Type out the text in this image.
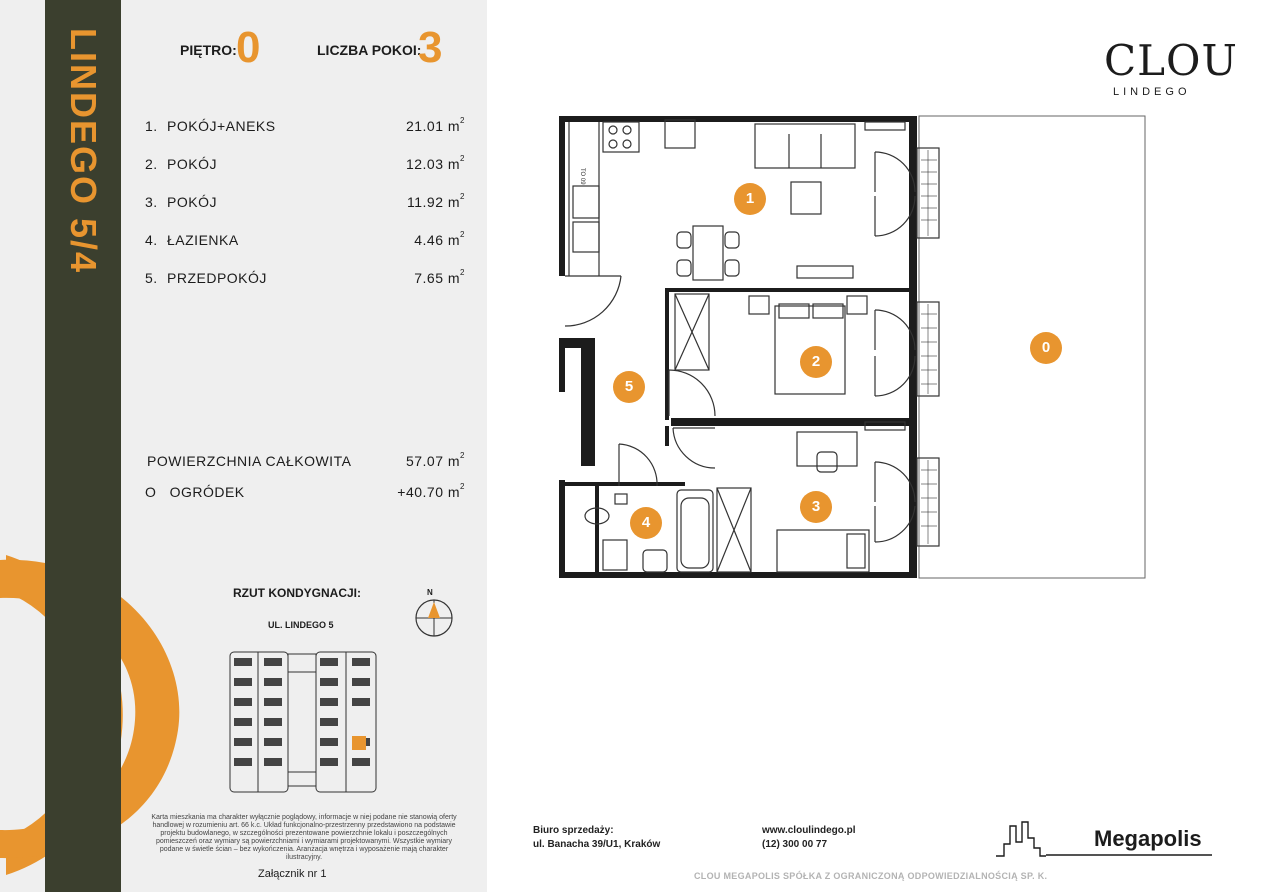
LINDEGO 5/4	PIĘTRO: 0	LICZBA POKOI:
3
1. POKÓJ+ANEKS	21.01 $m^2$
2. POKÓJ	12.03 $m^2$
3. POKÓJ	11.92 $m^2$
4. ŁAZIENKA	4.46 $m^2$
5. PRZEDPOKÓJ	7.65 $m^2$
POWIERZCHNIA CAŁKOWITA	57.07 $m^2$
O OGRÓDEK	+40.70 $m^2$
RZUT KONDYGNACJI:
UL. LINDEGO 5
N
Karta mieszkania ma charakter wyłącznie poglądowy, informacje w niej podane nie stanowią oferty handlowej w rozumieniu art. 66 k.c. Układ funkcjonalno-przestrzenny przedstawiono na podstawie projektu budowlanego, w szczególności prezentowane powierzchnie lokalu i poszczególnych pomieszczeń oraz wymiary są powierzchniami i wymiarami projektowanymi. Wszystkie wymiary podane w świetle ścian – bez wykończenia. Aranżacja wnętrza i wyposażenie mają charakter ilustracyjny.
Załącznik nr 1
CLOU
LINDEGO
TO 09
1
2
3
4
5
0
Biuro sprzedaży:
ul. Banacha 39/U1, Kraków
www.cloulindego.pl
(12) 300 00 77
CLOU MEGAPOLIS SPÓŁKA Z OGRANICZONĄ ODPOWIEDZIALNOŚCIĄ SP. K.
Megapolis
